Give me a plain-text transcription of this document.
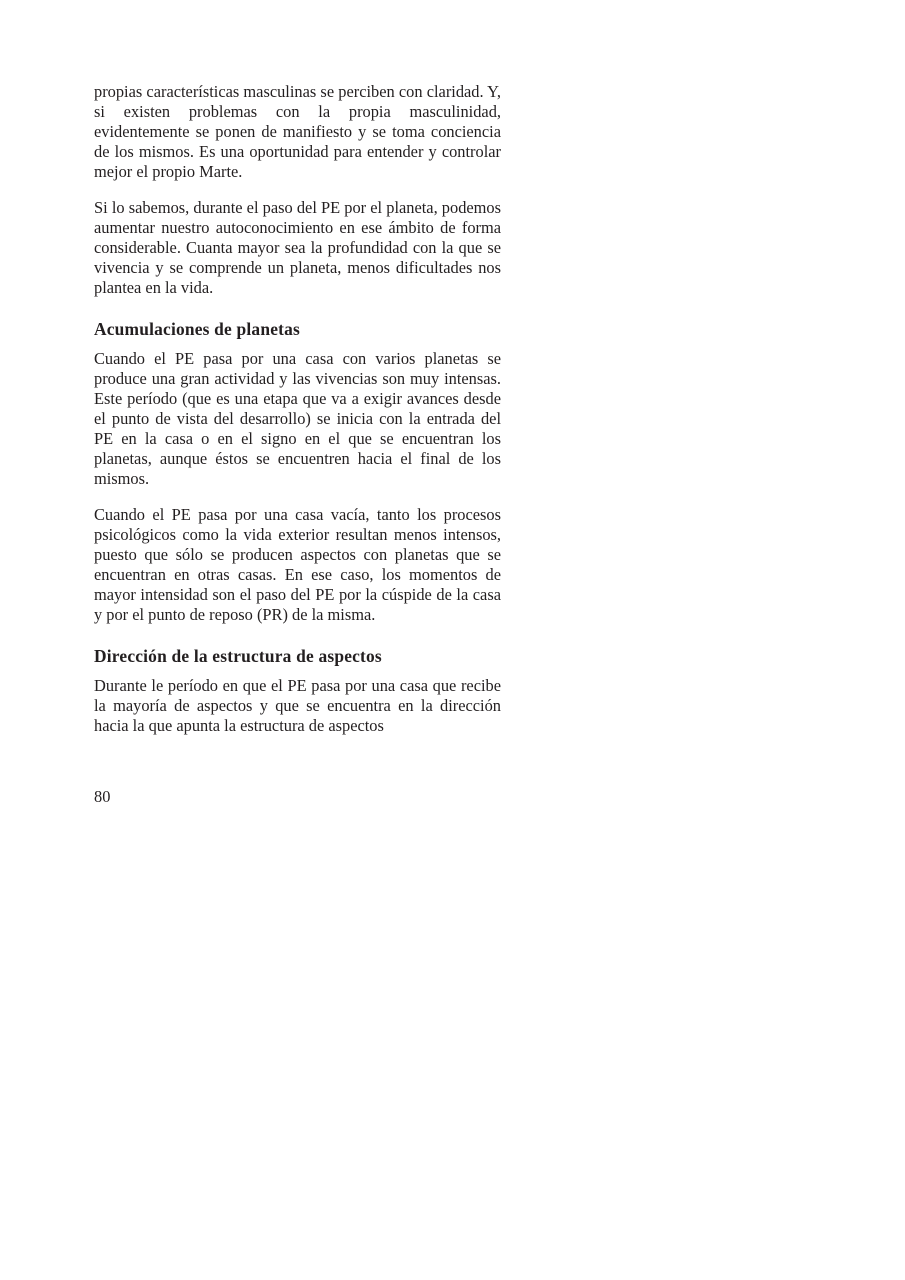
propias características masculinas se perciben con claridad. Y, si existen problemas con la propia masculinidad, evidentemente se ponen de manifiesto y se toma conciencia de los mismos. Es una oportunidad para entender y controlar mejor el propio Marte.

Si lo sabemos, durante el paso del PE por el planeta, podemos aumentar nuestro autoconocimiento en ese ámbito de forma considerable. Cuanta mayor sea la profundidad con la que se vivencia y se comprende un planeta, menos dificultades nos plantea en la vida.

Acumulaciones de planetas

Cuando el PE pasa por una casa con varios planetas se produce una gran actividad y las vivencias son muy intensas. Este período (que es una etapa que va a exigir avances desde el punto de vista del desarrollo) se inicia con la entrada del PE en la casa o en el signo en el que se encuentran los planetas, aunque éstos se encuentren hacia el final de los mismos.

Cuando el PE pasa por una casa vacía, tanto los procesos psicológicos como la vida exterior resultan menos intensos, puesto que sólo se producen aspectos con planetas que se encuentran en otras casas. En ese caso, los momentos de mayor intensidad son el paso del PE por la cúspide de la casa y por el punto de reposo (PR) de la misma.

Dirección de la estructura de aspectos

Durante le período en que el PE pasa por una casa que recibe la mayoría de aspectos y que se encuentra en la dirección hacia la que apunta la estructura de aspectos

80
